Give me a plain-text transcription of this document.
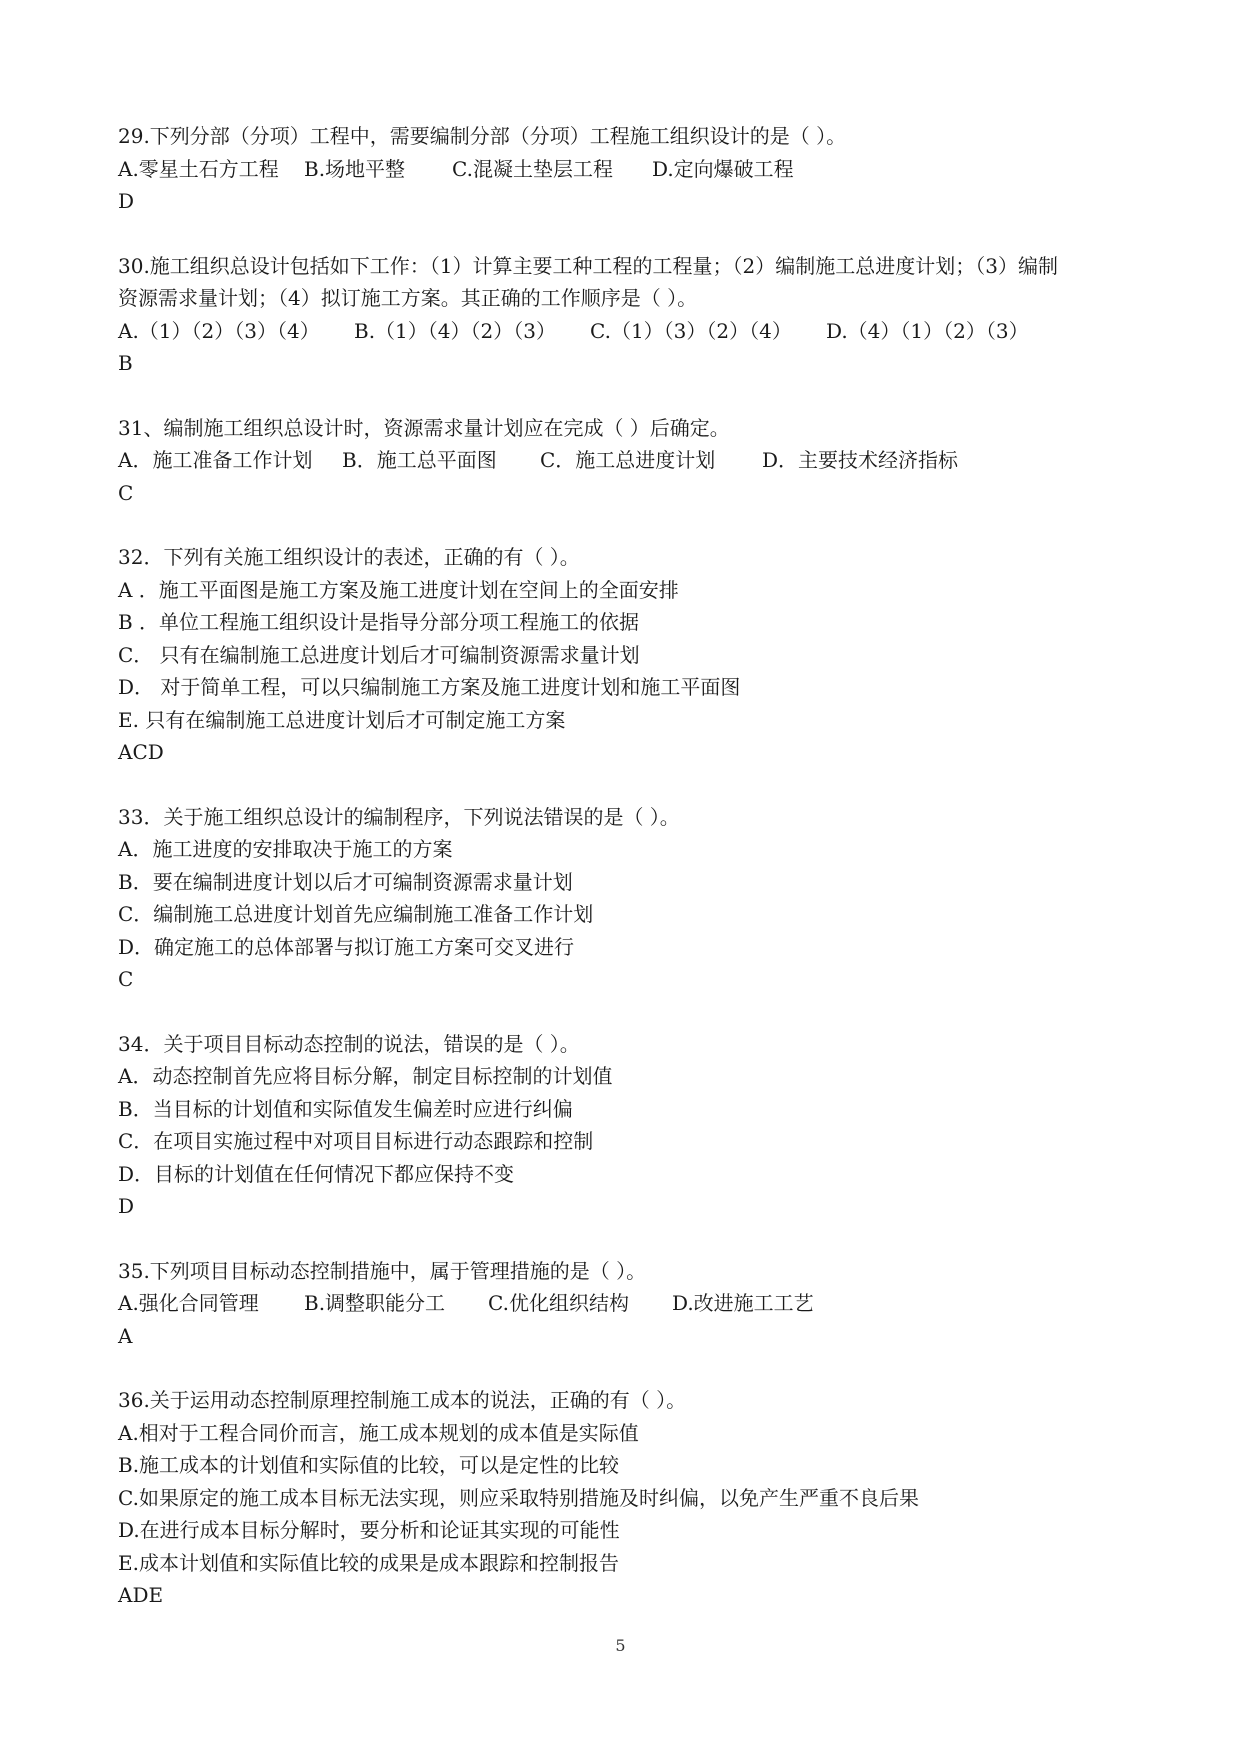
29.下列分部（分项）工程中，需要编制分部（分项）工程施工组织设计的是（ ）。
A.零星土石方工程 B.场地平整 C.混凝土垫层工程 D.定向爆破工程
D
30.施工组织总设计包括如下工作：（1）计算主要工种工程的工程量；（2）编制施工总进度计划；（3）编制
资源需求量计划；（4）拟订施工方案。其正确的工作顺序是（ ）。
A.（1）（2）（3）（4） B.（1）（4）（2）（3） C.（1）（3）（2）（4） D.（4）（1）（2）（3）
B
31、编制施工组织总设计时，资源需求量计划应在完成（ ）后确定。
A．施工准备工作计划 B．施工总平面图 C．施工总进度计划 D．主要技术经济指标
C
32．下列有关施工组织设计的表述，正确的有（ ）。
A ．施工平面图是施工方案及施工进度计划在空间上的全面安排
B ．单位工程施工组织设计是指导分部分项工程施工的依据
C． 只有在编制施工总进度计划后才可编制资源需求量计划
D． 对于简单工程，可以只编制施工方案及施工进度计划和施工平面图
E. 只有在编制施工总进度计划后才可制定施工方案
ACD
33．关于施工组织总设计的编制程序，下列说法错误的是（ ）。
A．施工进度的安排取决于施工的方案
B．要在编制进度计划以后才可编制资源需求量计划
C．编制施工总进度计划首先应编制施工准备工作计划
D．确定施工的总体部署与拟订施工方案可交叉进行
C
34．关于项目目标动态控制的说法，错误的是（ ）。
A．动态控制首先应将目标分解，制定目标控制的计划值
B．当目标的计划值和实际值发生偏差时应进行纠偏
C．在项目实施过程中对项目目标进行动态跟踪和控制
D．目标的计划值在任何情况下都应保持不变
D
35.下列项目目标动态控制措施中，属于管理措施的是（ ）。
A.强化合同管理 B.调整职能分工 C.优化组织结构 D.改进施工工艺
A
36.关于运用动态控制原理控制施工成本的说法，正确的有（ ）。
A.相对于工程合同价而言，施工成本规划的成本值是实际值
B.施工成本的计划值和实际值的比较，可以是定性的比较
C.如果原定的施工成本目标无法实现，则应采取特别措施及时纠偏，以免产生严重不良后果
D.在进行成本目标分解时，要分析和论证其实现的可能性
E.成本计划值和实际值比较的成果是成本跟踪和控制报告
ADE
5
